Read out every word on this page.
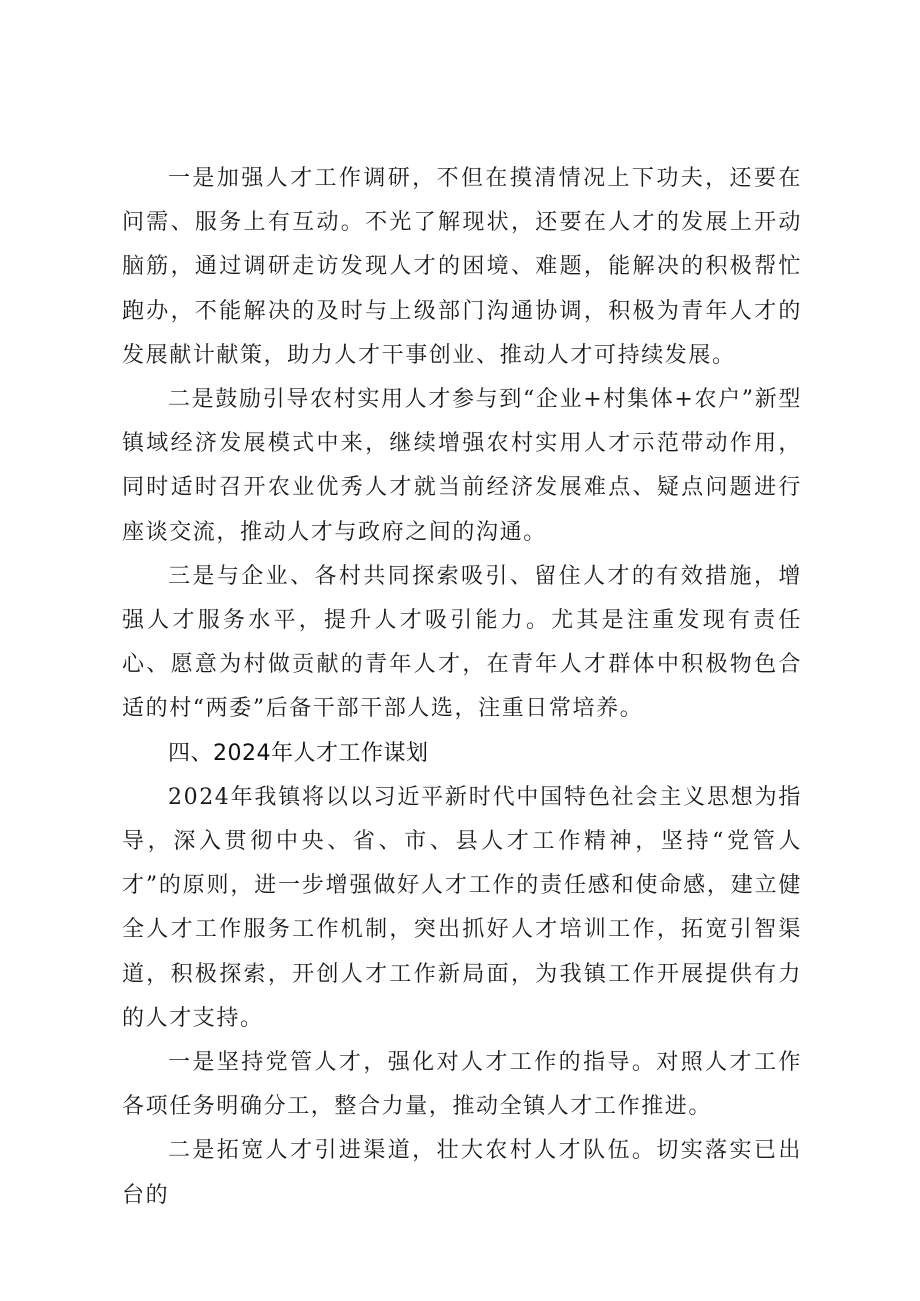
一是加强人才工作调研，不但在摸清情况上下功夫，还要在问需、服务上有互动。不光了解现状，还要在人才的发展上开动脑筋，通过调研走访发现人才的困境、难题，能解决的积极帮忙跑办，不能解决的及时与上级部门沟通协调，积极为青年人才的发展献计献策，助力人才干事创业、推动人才可持续发展。

二是鼓励引导农村实用人才参与到“企业+村集体+农户”新型镇域经济发展模式中来，继续增强农村实用人才示范带动作用，同时适时召开农业优秀人才就当前经济发展难点、疑点问题进行座谈交流，推动人才与政府之间的沟通。

三是与企业、各村共同探索吸引、留住人才的有效措施，增强人才服务水平，提升人才吸引能力。尤其是注重发现有责任心、愿意为村做贡献的青年人才，在青年人才群体中积极物色合适的村“两委”后备干部干部人选，注重日常培养。

四、2024年人才工作谋划

2024年我镇将以以习近平新时代中国特色社会主义思想为指导，深入贯彻中央、省、市、县人才工作精神，坚持“党管人才”的原则，进一步增强做好人才工作的责任感和使命感，建立健全人才工作服务工作机制，突出抓好人才培训工作，拓宽引智渠道，积极探索，开创人才工作新局面，为我镇工作开展提供有力的人才支持。

一是坚持党管人才，强化对人才工作的指导。对照人才工作各项任务明确分工，整合力量，推动全镇人才工作推进。

二是拓宽人才引进渠道，壮大农村人才队伍。切实落实已出台的
